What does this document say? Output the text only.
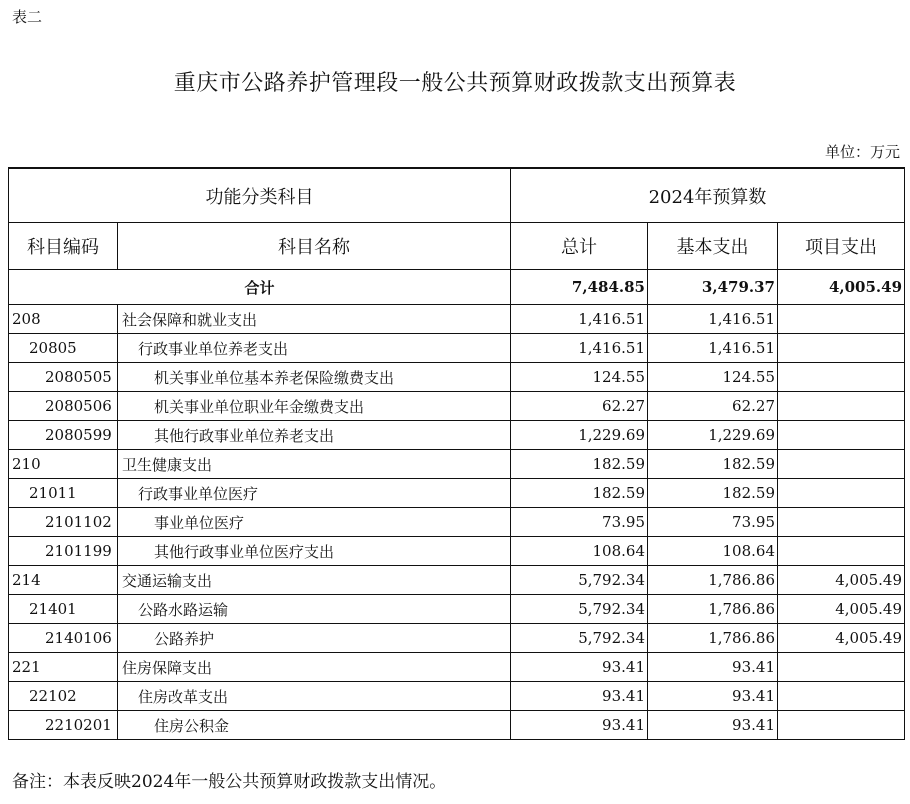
表二
重庆市公路养护管理段一般公共预算财政拨款支出预算表
单位：万元
功能分类科目		2024年预算数		
科目编码	科目名称	总计	基本支出	项目支出
合计		7,484.85	3,479.37	4,005.49
208	社会保障和就业支出	1,416.51	1,416.51	
20805	行政事业单位养老支出	1,416.51	1,416.51	
2080505	机关事业单位基本养老保险缴费支出	124.55	124.55	
2080506	机关事业单位职业年金缴费支出	62.27	62.27	
2080599	其他行政事业单位养老支出	1,229.69	1,229.69	
210	卫生健康支出	182.59	182.59	
21011	行政事业单位医疗	182.59	182.59	
2101102	事业单位医疗	73.95	73.95	
2101199	其他行政事业单位医疗支出	108.64	108.64	
214	交通运输支出	5,792.34	1,786.86	4,005.49
21401	公路水路运输	5,792.34	1,786.86	4,005.49
2140106	公路养护	5,792.34	1,786.86	4,005.49
221	住房保障支出	93.41	93.41	
22102	住房改革支出	93.41	93.41	
2210201	住房公积金	93.41	93.41	
备注：本表反映2024年一般公共预算财政拨款支出情况。
